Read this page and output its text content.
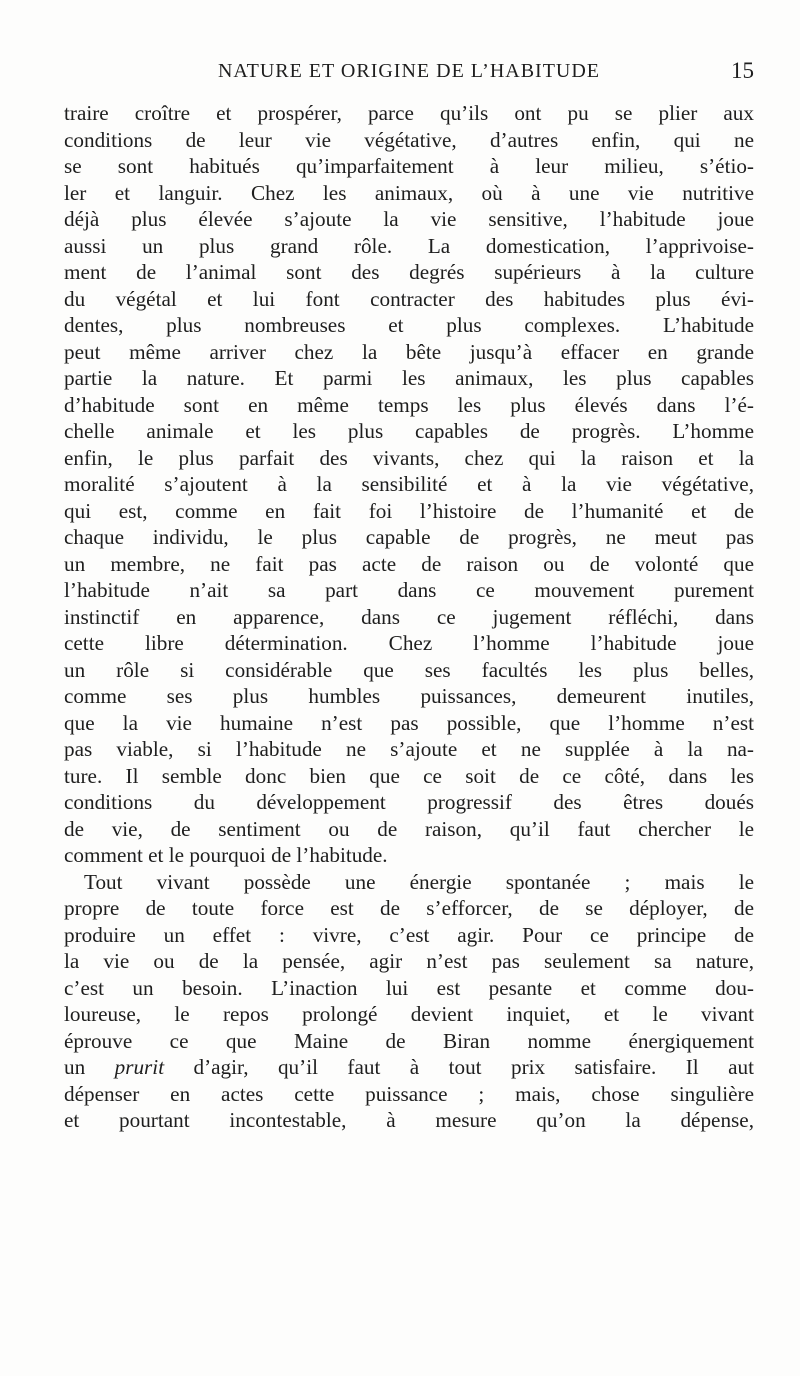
NATURE ET ORIGINE DE L’HABITUDE	15
traire croître et prospérer, parce qu’ils ont pu se plier aux
conditions de leur vie végétative, d’autres enfin, qui ne
se sont habitués qu’imparfaitement à leur milieu, s’étio-
ler et languir. Chez les animaux, où à une vie nutritive
déjà plus élevée s’ajoute la vie sensitive, l’habitude joue
aussi un plus grand rôle. La domestication, l’apprivoise-
ment de l’animal sont des degrés supérieurs à la culture
du végétal et lui font contracter des habitudes plus évi-
dentes, plus nombreuses et plus complexes. L’habitude
peut même arriver chez la bête jusqu’à effacer en grande
partie la nature. Et parmi les animaux, les plus capables
d’habitude sont en même temps les plus élevés dans l’é-
chelle animale et les plus capables de progrès. L’homme
enfin, le plus parfait des vivants, chez qui la raison et la
moralité s’ajoutent à la sensibilité et à la vie végétative,
qui est, comme en fait foi l’histoire de l’humanité et de
chaque individu, le plus capable de progrès, ne meut pas
un membre, ne fait pas acte de raison ou de volonté que
l’habitude n’ait sa part dans ce mouvement purement
instinctif en apparence, dans ce jugement réfléchi, dans
cette libre détermination. Chez l’homme l’habitude joue
un rôle si considérable que ses facultés les plus belles,
comme ses plus humbles puissances, demeurent inutiles,
que la vie humaine n’est pas possible, que l’homme n’est
pas viable, si l’habitude ne s’ajoute et ne supplée à la na-
ture. Il semble donc bien que ce soit de ce côté, dans les
conditions du développement progressif des êtres doués
de vie, de sentiment ou de raison, qu’il faut chercher le
comment et le pourquoi de l’habitude.
Tout vivant possède une énergie spontanée ; mais le
propre de toute force est de s’efforcer, de se déployer, de
produire un effet : vivre, c’est agir. Pour ce principe de
la vie ou de la pensée, agir n’est pas seulement sa nature,
c’est un besoin. L’inaction lui est pesante et comme dou-
loureuse, le repos prolongé devient inquiet, et le vivant
éprouve ce que Maine de Biran nomme énergiquement
un prurit d’agir, qu’il faut à tout prix satisfaire. Il aut
dépenser en actes cette puissance ; mais, chose singulière
et pourtant incontestable, à mesure qu’on la dépense,
